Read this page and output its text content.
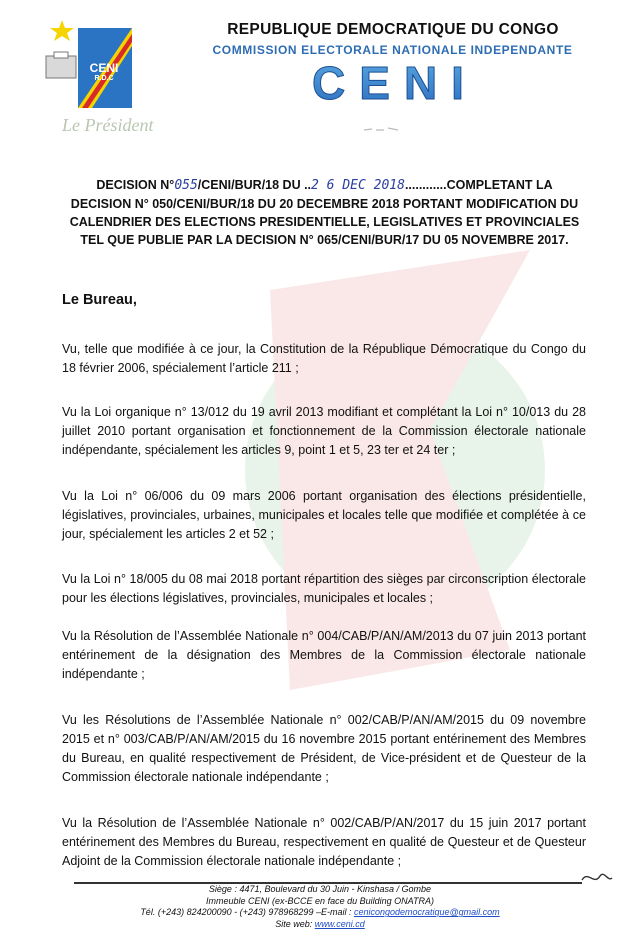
CENI
R.D.C
REPUBLIQUE DEMOCRATIQUE DU CONGO
COMMISSION ELECTORALE NATIONALE INDEPENDANTE
CENI
Le Président
DECISION N°055/CENI/BUR/18 DU ..2 6 DEC 2018............COMPLETANT LA
DECISION N° 050/CENI/BUR/18 DU 20 DECEMBRE 2018 PORTANT MODIFICATION DU CALENDRIER DES ELECTIONS PRESIDENTIELLE, LEGISLATIVES ET PROVINCIALES TEL QUE PUBLIE PAR LA DECISION N° 065/CENI/BUR/17 DU 05 NOVEMBRE 2017.
Le Bureau,
Vu, telle que modifiée à ce jour, la Constitution de la République Démocratique du Congo du 18 février 2006, spécialement l’article 211 ;
Vu la Loi organique n° 13/012 du 19 avril 2013 modifiant et complétant la Loi n° 10/013 du 28 juillet 2010 portant organisation et fonctionnement de la Commission électorale nationale indépendante, spécialement les articles 9, point 1 et 5, 23 ter et 24 ter ;
Vu la Loi n° 06/006 du 09 mars 2006 portant organisation des élections présidentielle, législatives, provinciales, urbaines, municipales et locales telle que modifiée et complétée à ce jour, spécialement les articles 2 et 52 ;
Vu la Loi n° 18/005 du 08 mai 2018 portant répartition des sièges par circonscription électorale pour les élections législatives, provinciales, municipales et locales ;
Vu la Résolution de l’Assemblée Nationale n° 004/CAB/P/AN/AM/2013 du 07 juin 2013 portant entérinement de la désignation des Membres de la Commission électorale nationale indépendante ;
Vu les Résolutions de l’Assemblée Nationale n° 002/CAB/P/AN/AM/2015 du 09 novembre 2015 et n° 003/CAB/P/AN/AM/2015 du 16 novembre 2015 portant entérinement des Membres du Bureau, en qualité respectivement de Président, de Vice-président et de Questeur de la Commission électorale nationale indépendante ;
Vu la Résolution de l’Assemblée Nationale n° 002/CAB/P/AN/2017 du 15 juin 2017 portant entérinement des Membres du Bureau, respectivement en qualité de Questeur et de Questeur Adjoint de la Commission électorale nationale indépendante ;
Siège : 4471, Boulevard du 30 Juin - Kinshasa / Gombe
Immeuble CENI (ex-BCCE en face du Building ONATRA)
Tél. (+243) 824200090 - (+243) 978968299 –E-mail : cenicongodemocratique@gmail.com
Site web: www.ceni.cd
